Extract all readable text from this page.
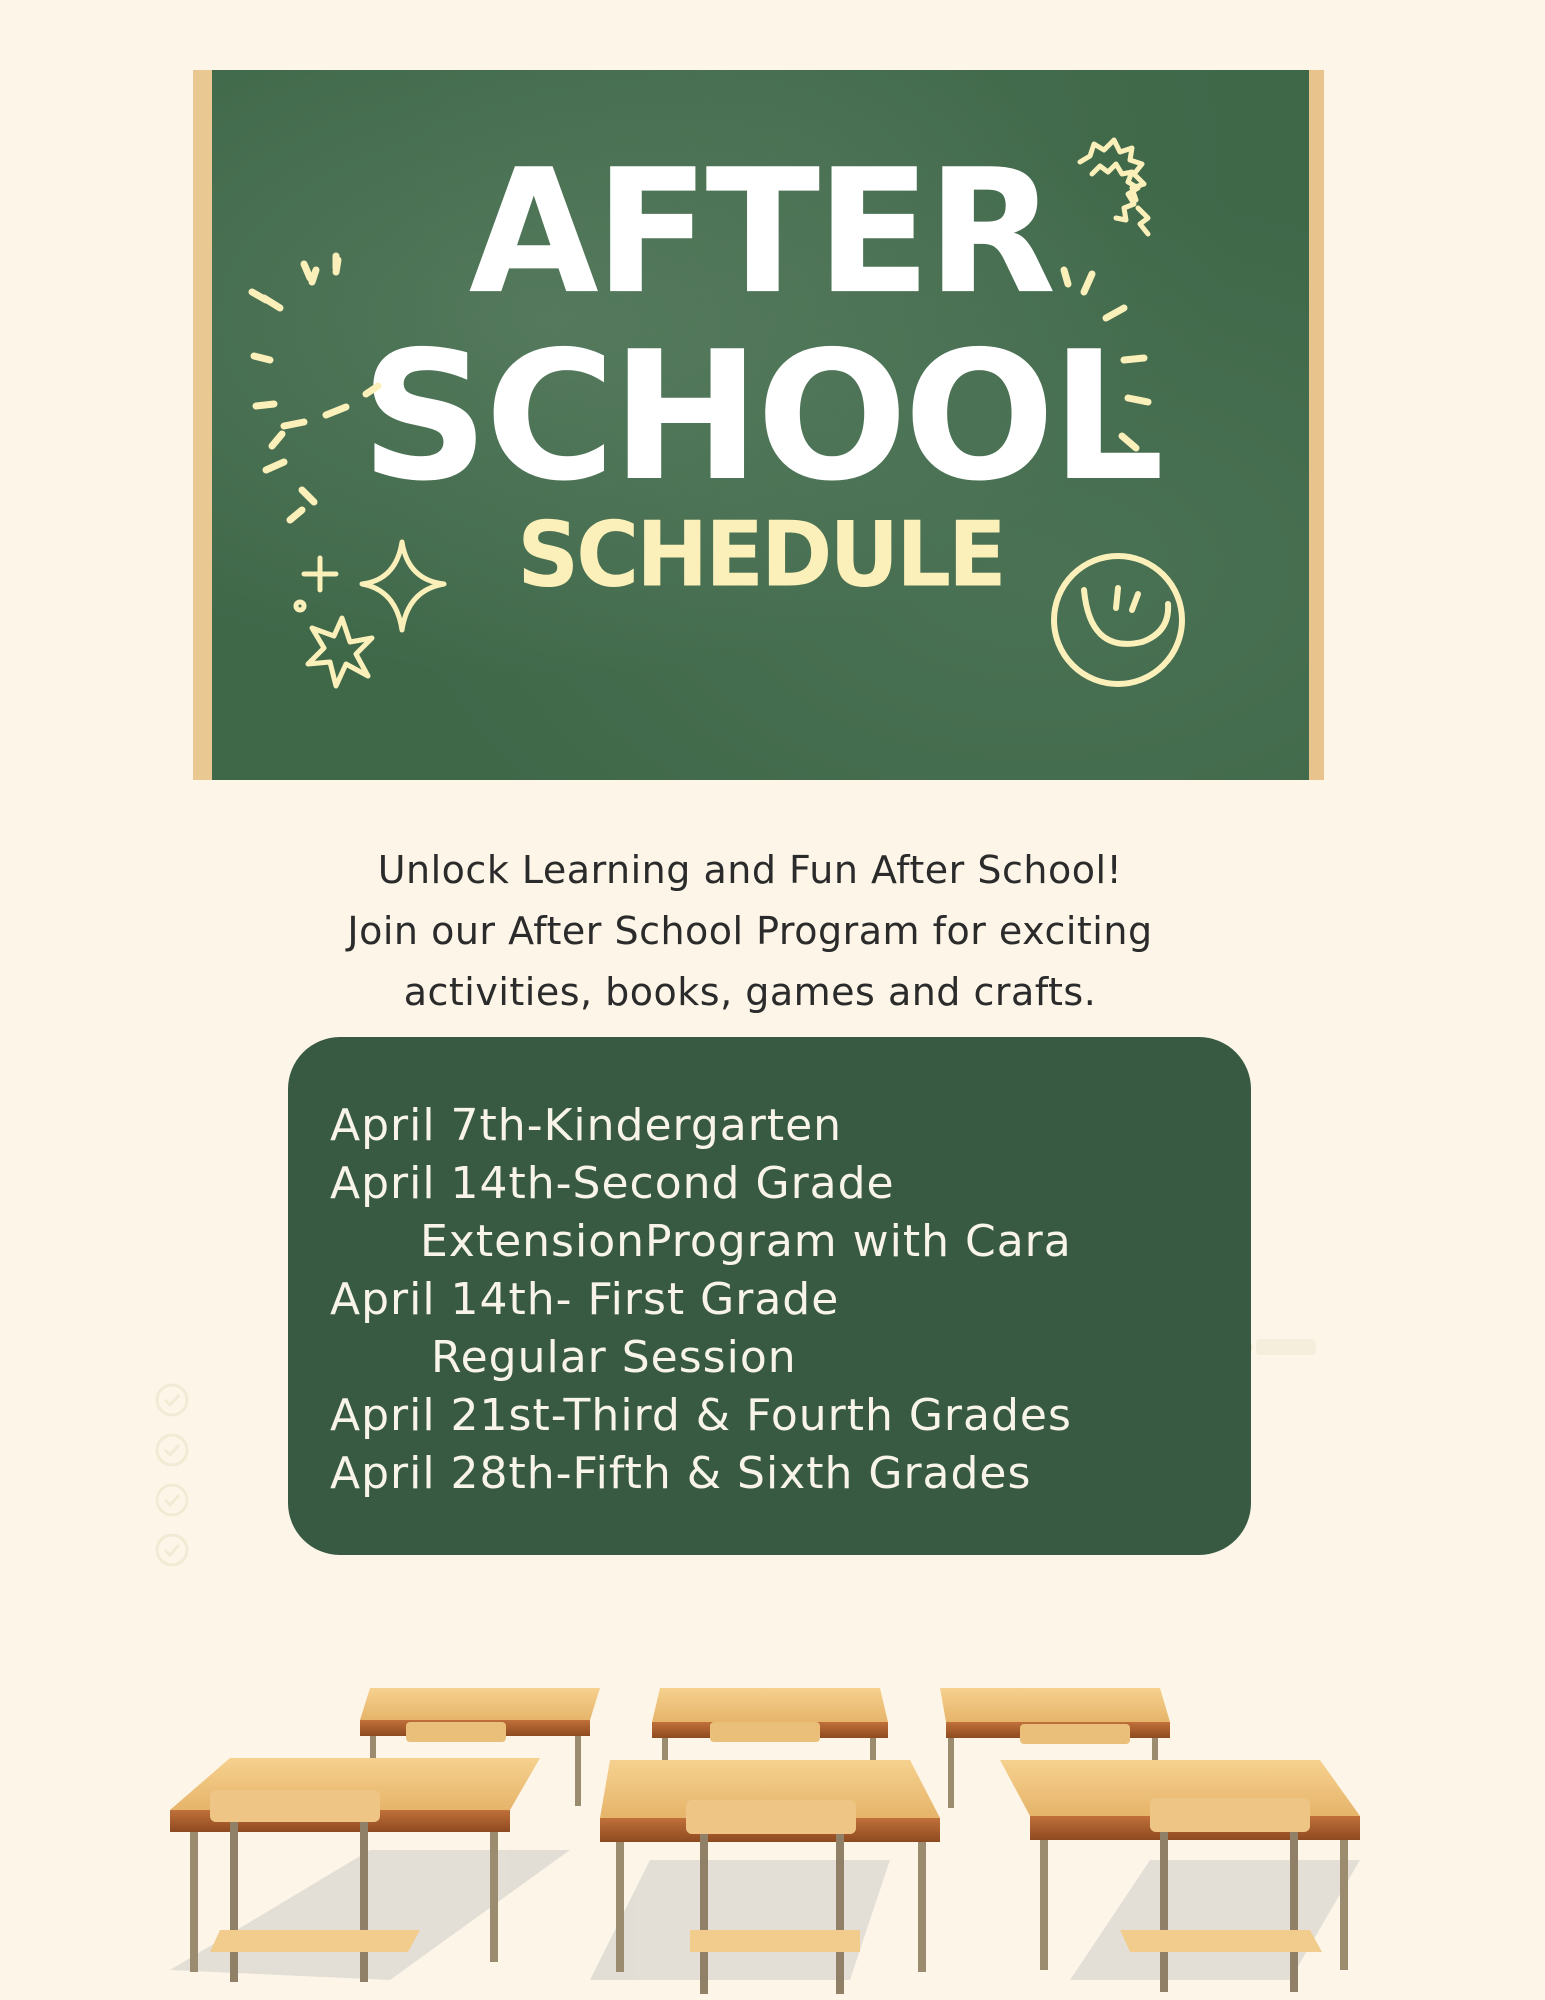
AFTER
SCHOOL
SCHEDULE
Unlock Learning and Fun After School!
Join our After School Program for exciting
activities, books, games and crafts.
April 7th-Kindergarten
April 14th-Second Grade
ExtensionProgram with Cara
April 14th- First Grade
Regular Session
April 21st-Third & Fourth Grades
April 28th-Fifth & Sixth Grades
